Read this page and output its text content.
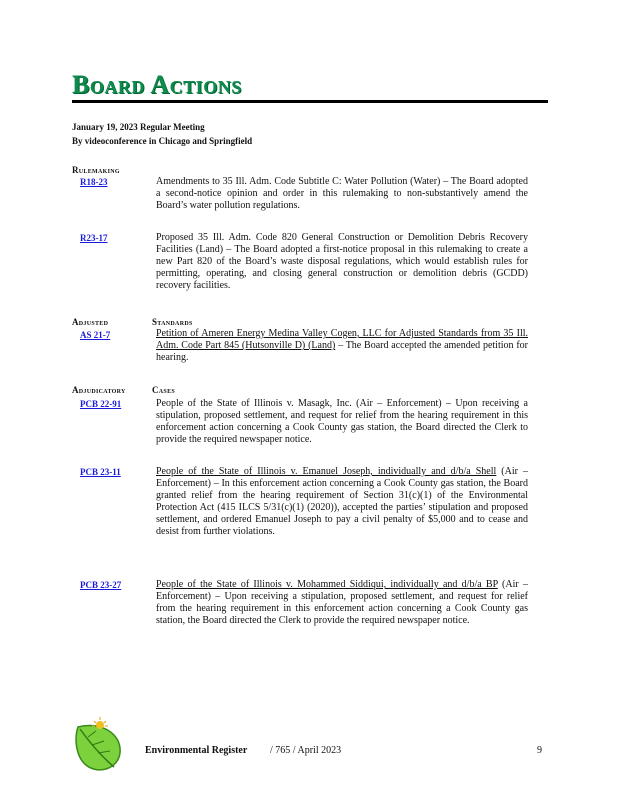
Board Actions
January 19, 2023 Regular Meeting
By videoconference in Chicago and Springfield
Rulemaking
R18-23	Amendments to 35 Ill. Adm. Code Subtitle C: Water Pollution (Water) – The Board adopted a second-notice opinion and order in this rulemaking to non-substantively amend the Board’s water pollution regulations.
R23-17	Proposed 35 Ill. Adm. Code 820 General Construction or Demolition Debris Recovery Facilities (Land) – The Board adopted a first-notice proposal in this rulemaking to create a new Part 820 of the Board’s waste disposal regulations, which would establish rules for permitting, operating, and closing general construction or demolition debris (GCDD) recovery facilities.
Adjusted	Standards
AS 21-7	Petition of Ameren Energy Medina Valley Cogen, LLC for Adjusted Standards from 35 Ill. Adm. Code Part 845 (Hutsonville D) (Land) – The Board accepted the amended petition for hearing.
Adjudicatory	Cases
PCB 22-91	People of the State of Illinois v. Masagk, Inc. (Air – Enforcement) – Upon receiving a stipulation, proposed settlement, and request for relief from the hearing requirement in this enforcement action concerning a Cook County gas station, the Board directed the Clerk to provide the required newspaper notice.
PCB 23-11	People of the State of Illinois v. Emanuel Joseph, individually and d/b/a Shell (Air – Enforcement) – In this enforcement action concerning a Cook County gas station, the Board granted relief from the hearing requirement of Section 31(c)(1) of the Environmental Protection Act (415 ILCS 5/31(c)(1) (2020)), accepted the parties’ stipulation and proposed settlement, and ordered Emanuel Joseph to pay a civil penalty of $5,000 and to cease and desist from further violations.
PCB 23-27	People of the State of Illinois v. Mohammed Siddiqui, individually and d/b/a BP (Air – Enforcement) – Upon receiving a stipulation, proposed settlement, and request for relief from the hearing requirement in this enforcement action concerning a Cook County gas station, the Board directed the Clerk to provide the required newspaper notice.
Environmental Register / 765 / April 2023	9
